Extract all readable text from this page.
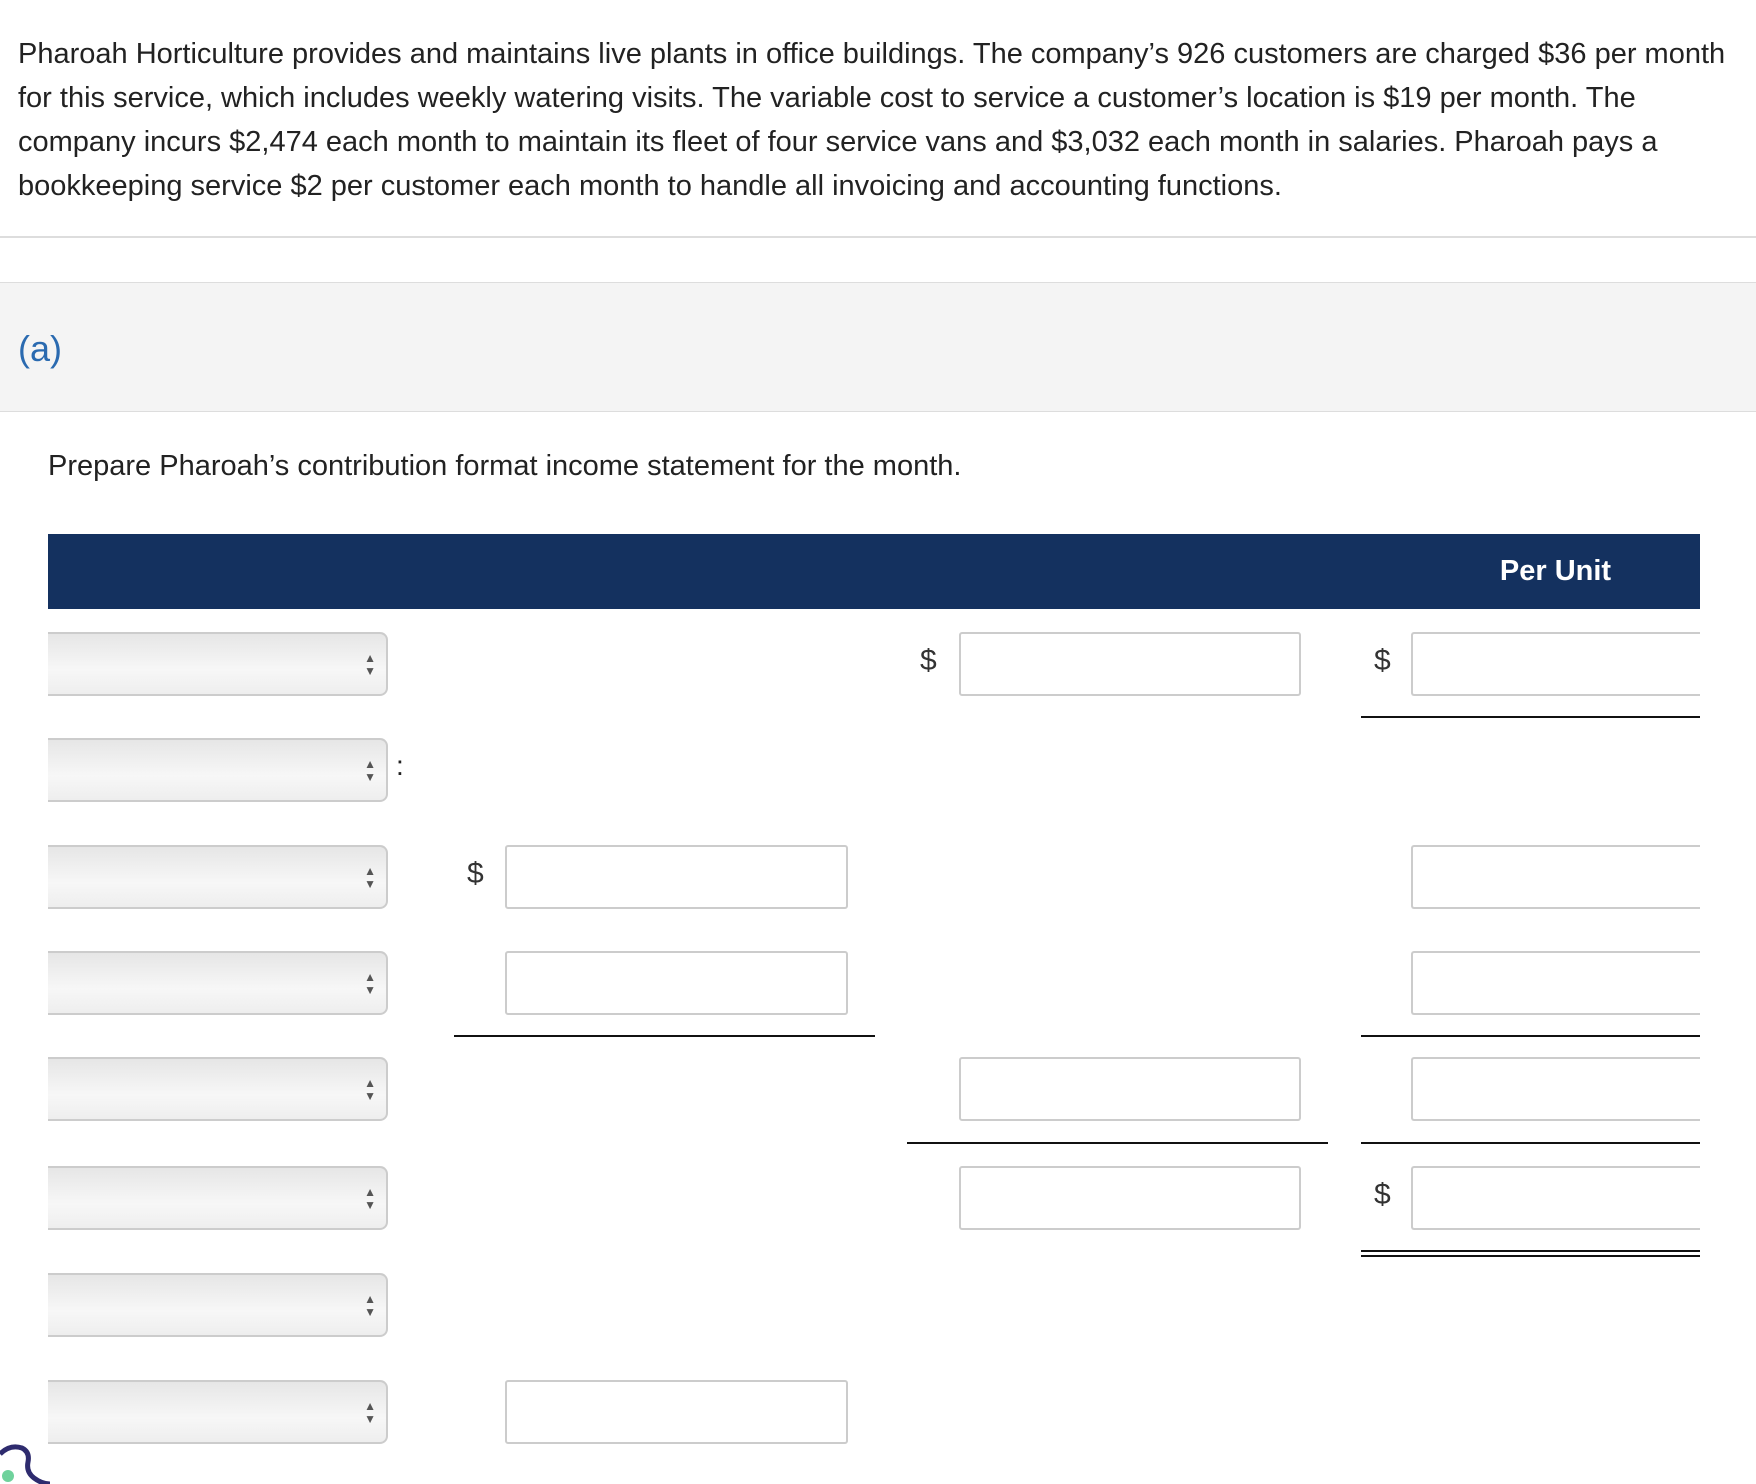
Pharoah Horticulture provides and maintains live plants in office buildings. The company’s 926 customers are charged $36 per month for this service, which includes weekly watering visits. The variable cost to service a customer’s location is $19 per month. The company incurs $2,474 each month to maintain its fleet of four service vans and $3,032 each month in salaries. Pharoah pays a bookkeeping service $2 per customer each month to handle all invoicing and accounting functions.
(a)
Prepare Pharoah’s contribution format income statement for the month.
Per Unit
▲
▼
▲
▼
▲
▼
▲
▼
▲
▼
▲
▼
▲
▼
▲
▼
:
$	$
$
$
